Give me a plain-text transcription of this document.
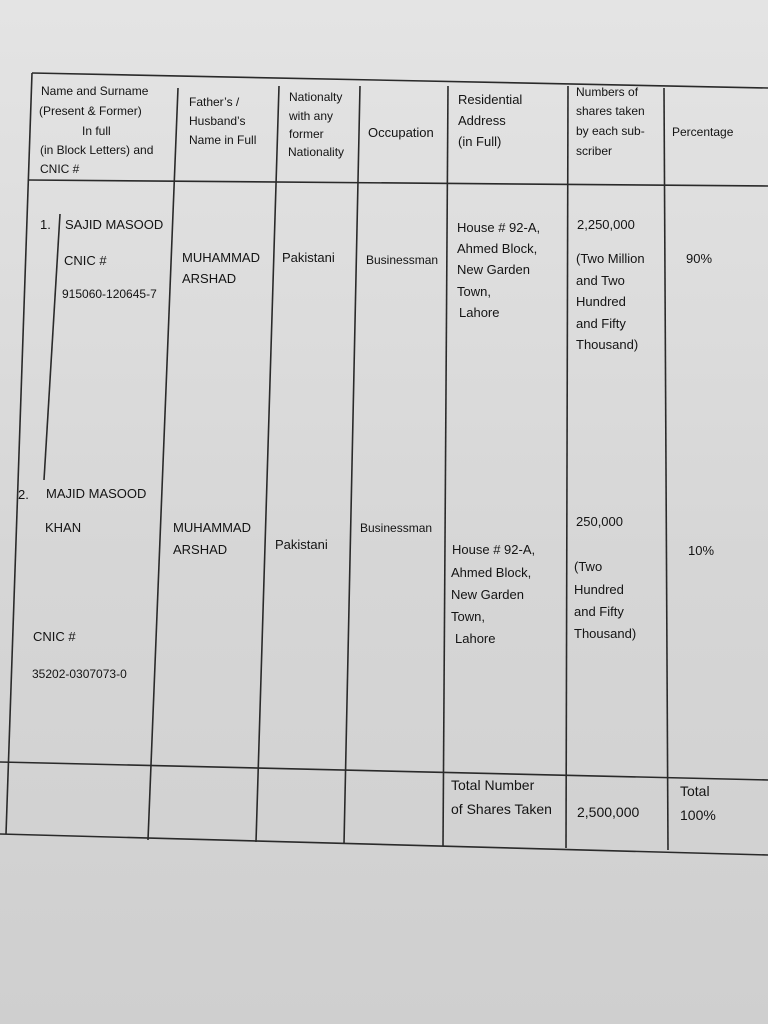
Name and Surname
(Present & Former)
In full
(in Block Letters) and
CNIC #
Father’s /
Husband’s
Name in Full
Nationalty
with any
former
Nationality
Occupation
Residential
Address
(in Full)
Numbers of
shares taken
by each sub-
scriber
Percentage
1. SAJID MASOOD
CNIC #
915060-120645-7
MUHAMMAD
ARSHAD
Pakistani	Businessman
House # 92-A,
Ahmed Block,
New Garden
Town,
Lahore
2,250,000
(Two Million
and Two
Hundred
and Fifty
Thousand)
90%
2. MAJID MASOOD
KHAN
CNIC #
35202-0307073-0
MUHAMMAD
ARSHAD	Pakistani
Businessman
House # 92-A,
Ahmed Block,
New Garden
Town,
Lahore
250,000
(Two
Hundred
and Fifty
Thousand)
10%
Total Number
of Shares Taken 2,500,000
Total
100%
